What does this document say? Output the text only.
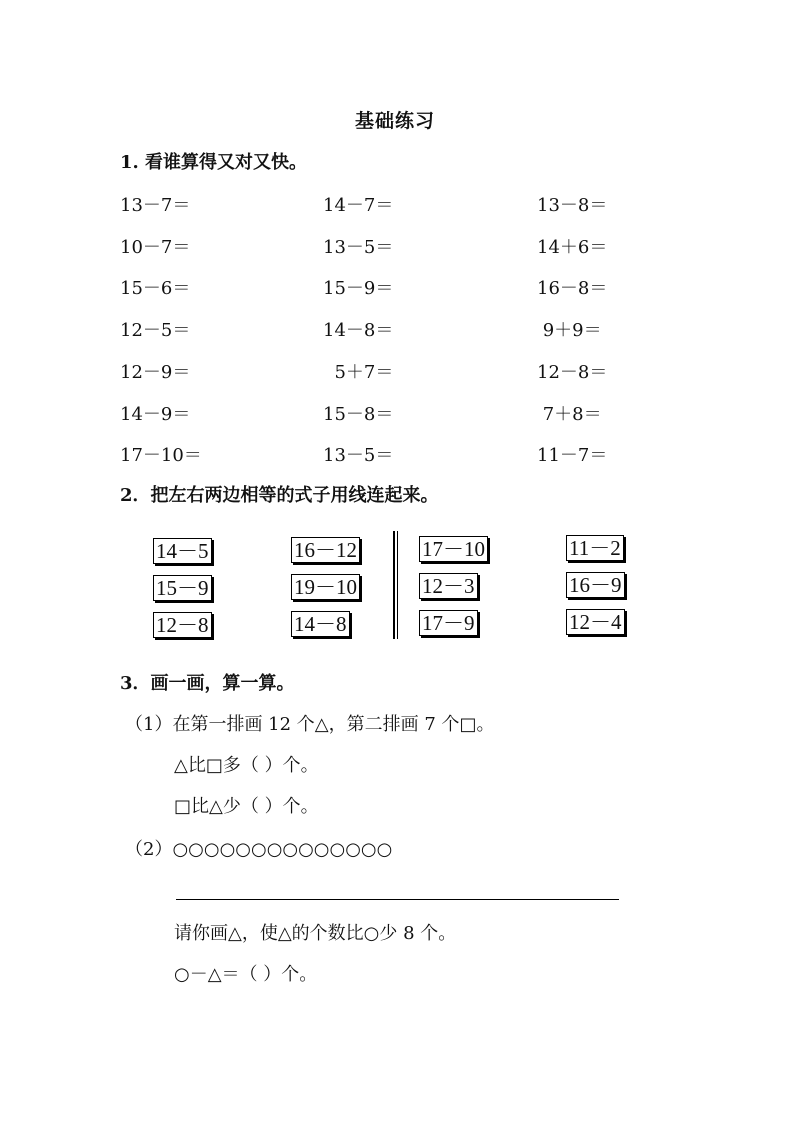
基础练习
1. 看谁算得又对又快。
13－7＝	14－7＝	13－8＝
10－7＝	13－5＝	14＋6＝
15－6＝	15－9＝	16－8＝
12－5＝	14－8＝	9＋9＝
12－9＝	5＋7＝	12－8＝
14－9＝	15－8＝	7＋8＝
17－10＝	13－5＝	11－7＝
2．把左右两边相等的式子用线连起来。
14－5	16－12	17－10	11－2
15－9	19－10	12－3	16－9
12－8	14－8	17－9	12－4
3．画一画，算一算。
（1）在第一排画 12 个△，第二排画 7 个□。
△比□多（ ）个。
□比△少（ ）个。
（2）○○○○○○○○○○○○○○
请你画△，使△的个数比○少 8 个。
○－△＝（ ）个。
